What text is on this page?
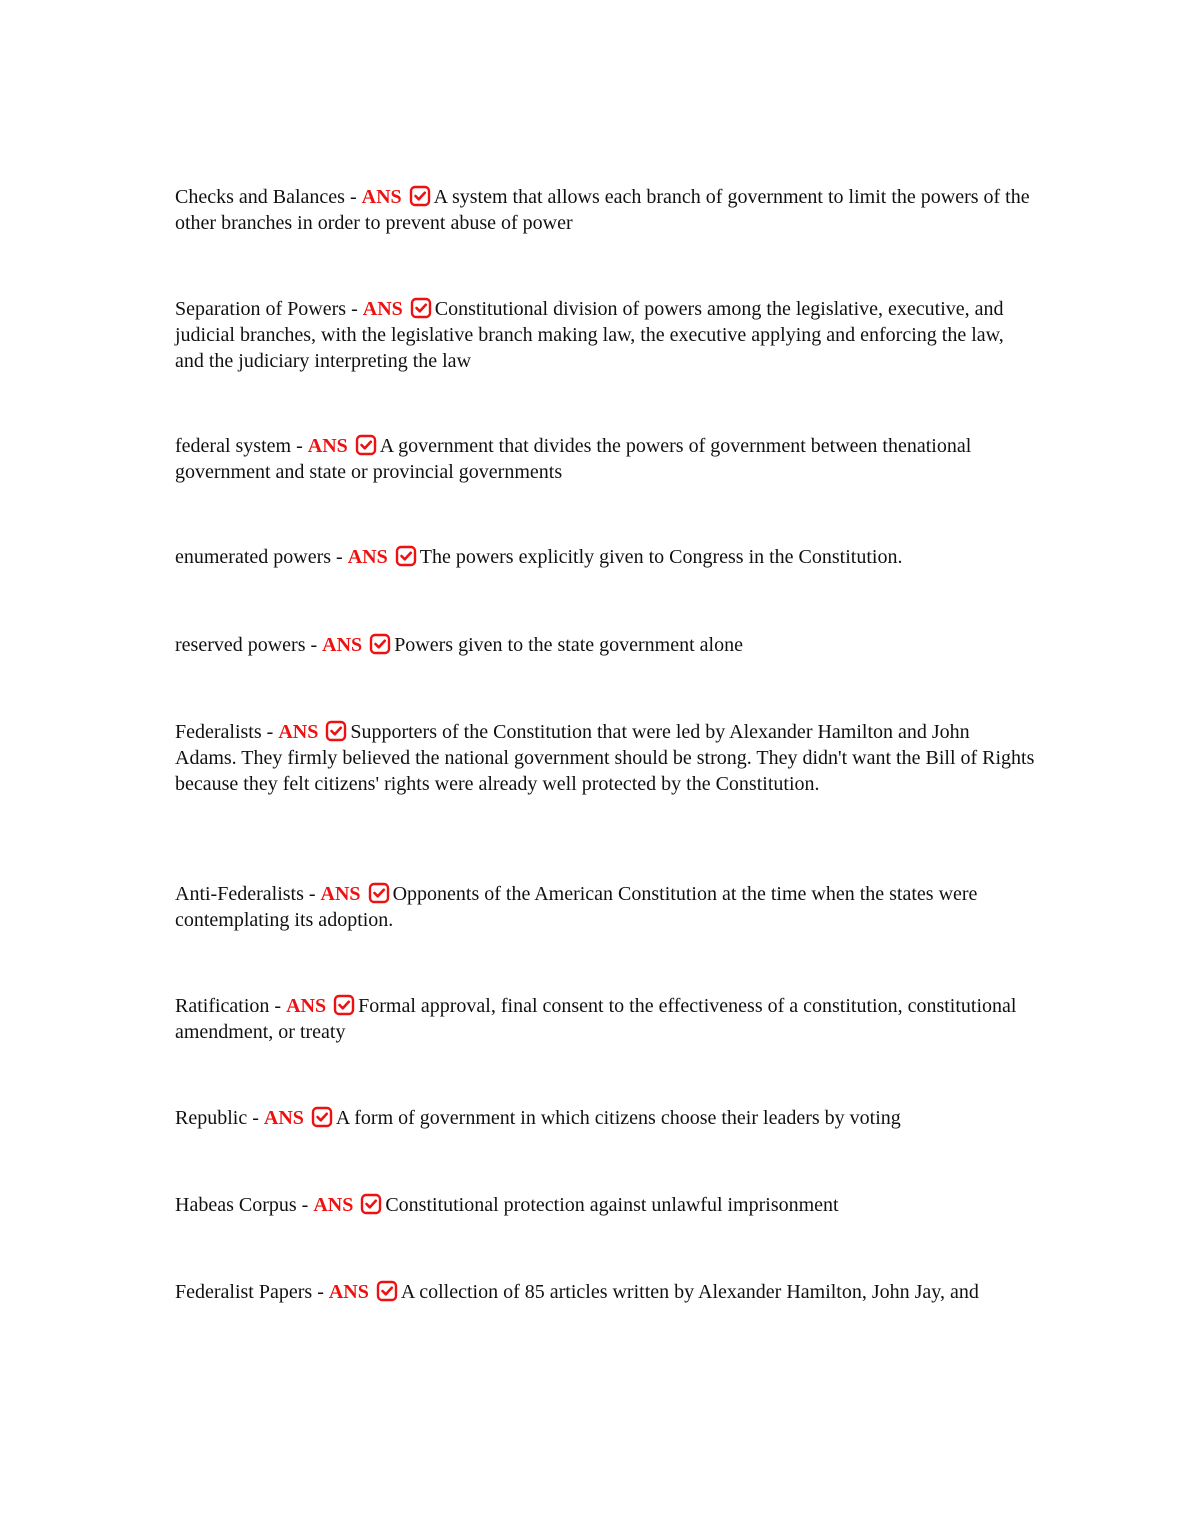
Checks and Balances - ANS A system that allows each branch of government to limit the powers of the other branches in order to prevent abuse of power

Separation of Powers - ANS Constitutional division of powers among the legislative, executive, and judicial branches, with the legislative branch making law, the executive applying and enforcing the law, and the judiciary interpreting the law

federal system - ANS A government that divides the powers of government between thenational government and state or provincial governments

enumerated powers - ANS The powers explicitly given to Congress in the Constitution.

reserved powers - ANS Powers given to the state government alone

Federalists - ANS Supporters of the Constitution that were led by Alexander Hamilton and John Adams. They firmly believed the national government should be strong. They didn't want the Bill of Rights because they felt citizens' rights were already well protected by the Constitution.

Anti-Federalists - ANS Opponents of the American Constitution at the time when the states were contemplating its adoption.

Ratification - ANS Formal approval, final consent to the effectiveness of a constitution, constitutional amendment, or treaty

Republic - ANS A form of government in which citizens choose their leaders by voting

Habeas Corpus - ANS Constitutional protection against unlawful imprisonment

Federalist Papers - ANS A collection of 85 articles written by Alexander Hamilton, John Jay, and
